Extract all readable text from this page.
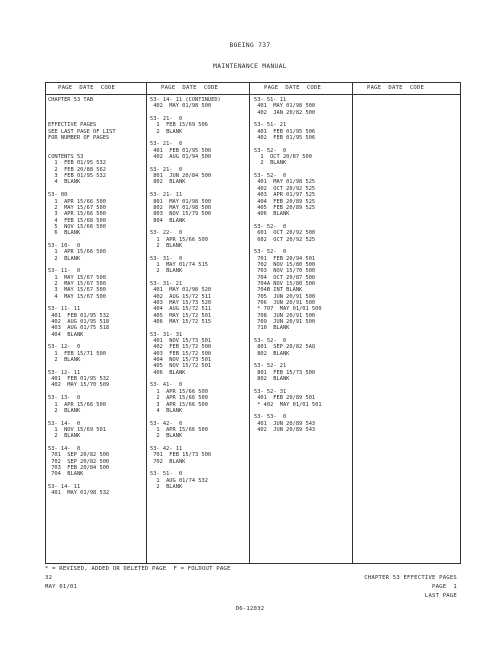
BOEING 737
MAINTENANCE MANUAL
PAGE  DATE  CODE	PAGE  DATE  CODE	PAGE  DATE  CODE	PAGE  DATE  CODE
CHAPTER 53 TAB
EFFECTIVE PAGES
SEE LAST PAGE OF LIST
FOR NUMBER OF PAGES
CONTENTS 53
1  FEB 01/95 532
2  FEB 20/88 562
3  FEB 01/95 532
4  BLANK
53- 00
1  APR 15/66 500
2  MAY 15/67 500
3  APR 15/66 500
4  FEB 15/68 500
5  NOV 15/66 500
6  BLANK
53- 10-  0
1  APR 15/66 500
2  BLANK
53- 11-  0
1  MAY 15/67 500
2  MAY 15/67 500
3  MAY 15/67 500
4  MAY 15/67 500
53- 11- 11
401  FEB 01/95 532
402  AUG 01/95 518
403  AUG 01/75 518
404  BLANK
53- 12-  0
1  FEB 15/71 500
2  BLANK
53- 12- 11
401  FEB 01/95 532
402  MAY 15/70 509
53- 13-  0
1  APR 15/66 500
2  BLANK
53- 14-  0
1  NOV 15/69 501
2  BLANK
53- 14-  0
701  SEP 20/82 500
702  SEP 20/82 500
703  FEB 20/84 500
704  BLANK
53- 14- 11
401  MAY 01/98 532
53- 14- 11 (CONTINUED)
402  MAY 01/98 500
53- 21-  0
1  FEB 15/69 506
2  BLANK
53- 21-  0
401  FEB 01/95 500
402  AUG 01/94 500
53- 21-  0
801  JUN 20/84 500
802  BLANK
53- 21- 11
801  MAY 01/98 500
802  MAY 01/98 500
803  NOV 15/79 500
804  BLANK
53- 22-  0
1  APR 15/66 500
2  BLANK
53- 31-  0
1  MAY 01/74 515
2  BLANK
53- 31- 21
401  MAY 01/98 520
402  AUG 15/72 511
403  MAY 15/73 520
404  AUG 15/72 511
405  MAY 15/72 501
406  MAY 15/72 515
53- 31- 31
401  NOV 15/73 501
402  FEB 15/72 500
403  FEB 15/72 500
404  NOV 15/73 501
405  NOV 15/72 501
406  BLANK
53- 41-  0
1  APR 15/66 500
2  APR 15/66 500
3  APR 15/66 500
4  BLANK
53- 42-  0
1  APR 15/66 500
2  BLANK
53- 42- 11
701  FEB 15/73 500
702  BLANK
53- 51-  0
1  AUG 01/74 532
2  BLANK
53- 51- 11
401  MAY 01/98 500
402  JAN 20/82 500
53- 51- 21
401  FEB 01/95 506
402  FEB 01/95 506
53- 52-  0
1  OCT 20/87 500
2  BLANK
53- 52-  0
401  MAY 01/98 525
402  OCT 20/92 525
403  APR 01/97 525
404  FEB 20/89 525
405  FEB 20/89 525
406  BLANK
53- 52-  0
601  OCT 20/92 500
602  OCT 20/92 525
53- 52-  0
701  FEB 20/94 501
702  NOV 15/80 500
703  NOV 15/70 500
704  OCT 20/87 500
704A NOV 15/80 500
704B INT BLANK
705  JUN 20/91 500
706  JUN 20/91 500
* 707  MAY 01/01 500
708  JUN 20/91 500
709  JUN 20/91 500
710  BLANK
53- 52-  0
801  SEP 20/82 5AQ
802  BLANK
53- 52- 21
801  FEB 15/73 500
802  BLANK
53- 52- 31
401  FEB 20/89 501
* 402  MAY 01/01 501
53- 53-  0
401  JUN 20/89 543
402  JUN 20/89 543
* = REVISED, ADDED OR DELETED PAGE  F = FOLDOUT PAGE
32
MAY 01/01
CHAPTER 53 EFFECTIVE PAGES
PAGE  1
LAST PAGE
D6-12032
